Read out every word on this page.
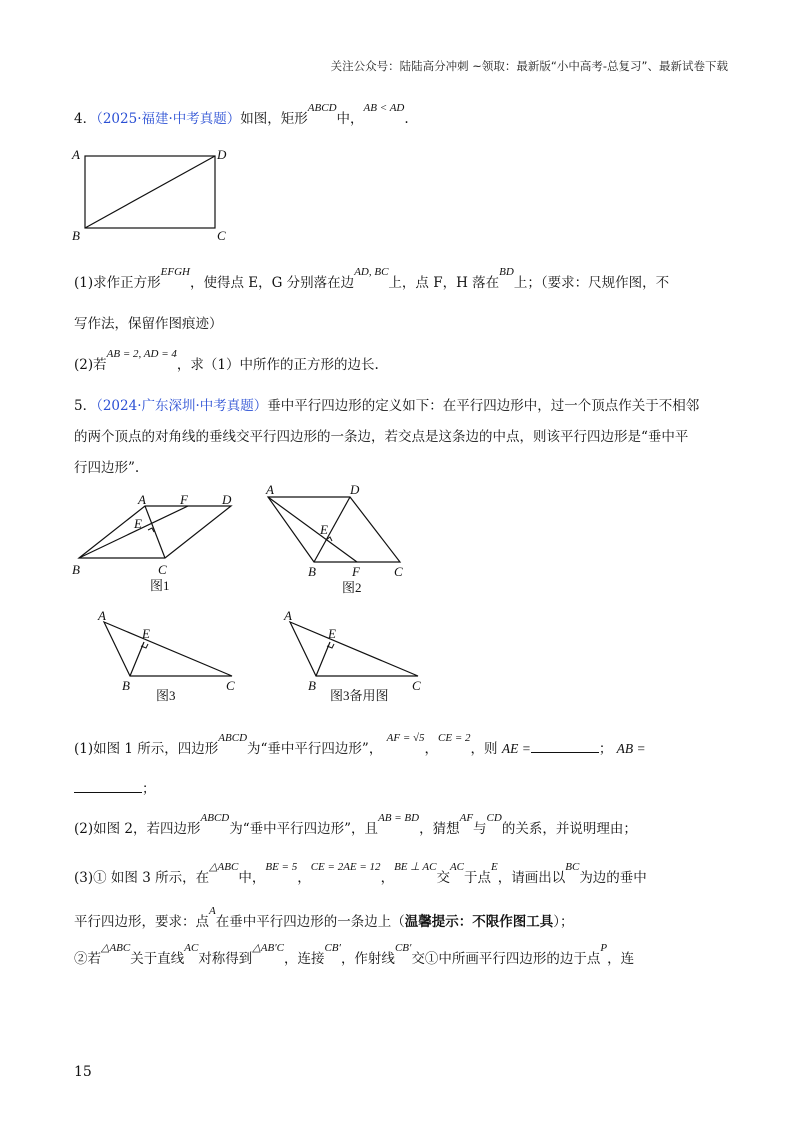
关注公众号：陆陆高分冲刺 ~领取：最新版“小中高考-总复习”、最新试卷下载
4．（2025·福建·中考真题）如图，矩形$^{ABCD}$中，$^{AB < AD}$.
A	D
B	C
(1)求作正方形$^{EFGH}$，使得点 E，G 分别落在边$^{AD, BC}$上，点 F，H 落在$^{BD}$上；（要求：尺规作图，不
写作法，保留作图痕迹）
(2)若$^{AB = 2, AD = 4}$，求（1）中所作的正方形的边长.
5．（2024·广东深圳·中考真题）垂中平行四边形的定义如下：在平行四边形中，过一个顶点作关于不相邻
的两个顶点的对角线的垂线交平行四边形的一条边，若交点是这条边的中点，则该平行四边形是“垂中平
行四边形”.
A	F	D
E
B	C
图1
A	D
E
B	F	C
图2
A
E
B	C
图3
A
E
B	C
图3备用图
(1)如图 1 所示，四边形$^{ABCD}$为“垂中平行四边形”， $^{AF = √5}$，$^{CE = 2}$，则 AE =	； AB =
；
(2)如图 2，若四边形$^{ABCD}$为“垂中平行四边形”，且$^{AB = BD}$，猜想$^{AF}$与$^{CD}$的关系，并说明理由；
(3)① 如图 3 所示，在$^{\triangle ABC}$中，$^{BE = 5}$，$^{CE = 2AE = 12}$，$^{BE \perp AC}$交$^{AC}$于点$^E$，请画出以$^{BC}$为边的垂中
平行四边形，要求：点$^A$在垂中平行四边形的一条边上（温馨提示：不限作图工具）；
②若$^{\triangle ABC}$关于直线$^{AC}$对称得到$^{\triangle AB'C}$，连接$^{CB'}$，作射线$^{CB'}$交①中所画平行四边形的边于点$^P$，连
15
